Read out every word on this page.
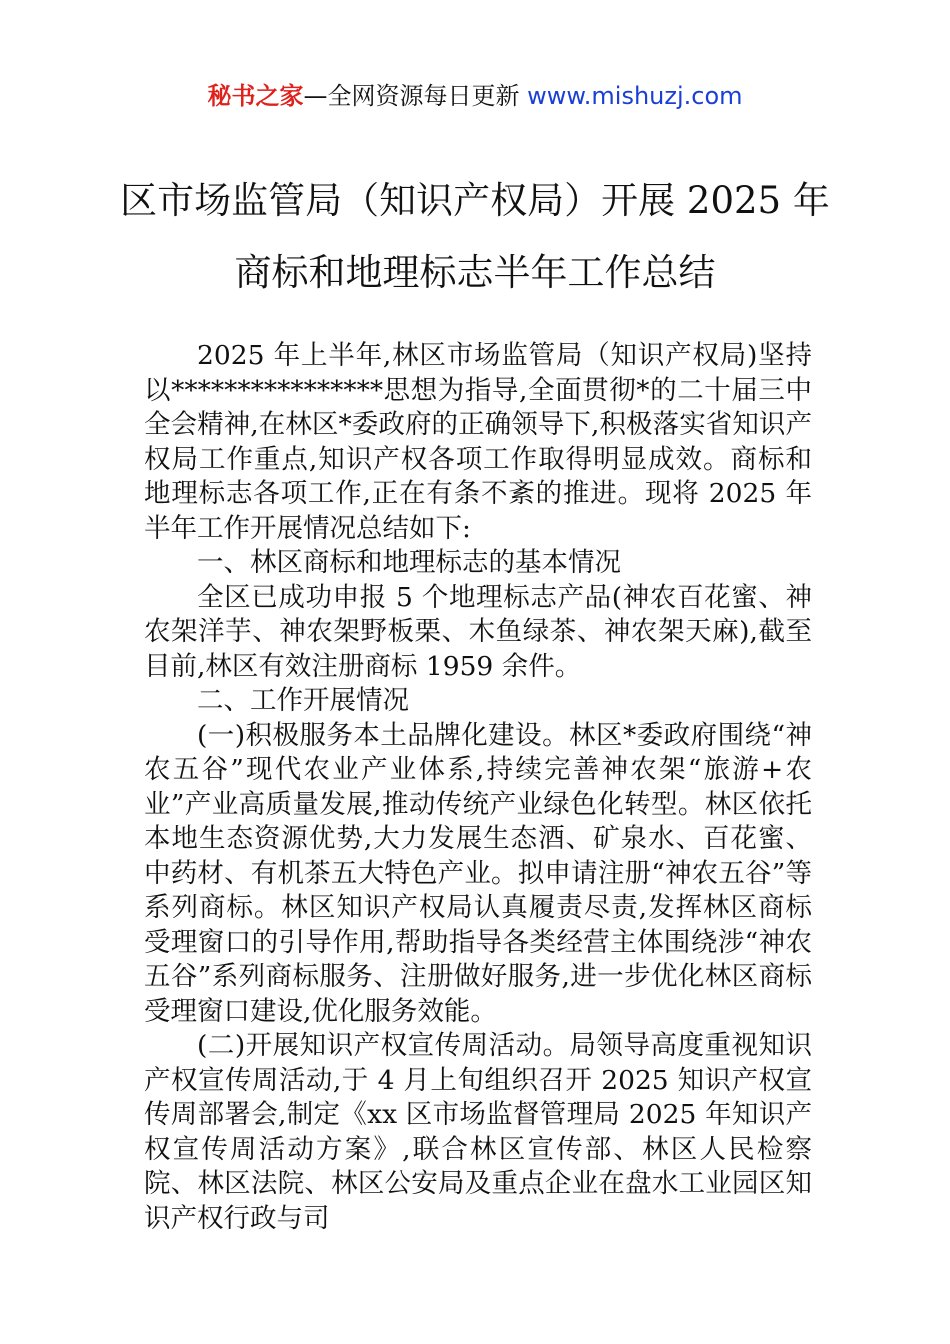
秘书之家—全网资源每日更新 www.mishuzj.com
区市场监管局（知识产权局）开展 2025 年
商标和地理标志半年工作总结

2025 年上半年,林区市场监管局（知识产权局)坚持以****************思想为指导,全面贯彻*的二十届三中全会精神,在林区*委政府的正确领导下,积极落实省知识产权局工作重点,知识产权各项工作取得明显成效。商标和地理标志各项工作,正在有条不紊的推进。现将 2025 年半年工作开展情况总结如下:

一、林区商标和地理标志的基本情况

全区已成功申报 5 个地理标志产品(神农百花蜜、神农架洋芋、神农架野板栗、木鱼绿茶、神农架天麻),截至目前,林区有效注册商标 1959 余件。

二、工作开展情况

(一)积极服务本土品牌化建设。林区*委政府围绕“神农五谷”现代农业产业体系,持续完善神农架“旅游+农业”产业高质量发展,推动传统产业绿色化转型。林区依托本地生态资源优势,大力发展生态酒、矿泉水、百花蜜、中药材、有机茶五大特色产业。拟申请注册“神农五谷”等系列商标。林区知识产权局认真履责尽责,发挥林区商标受理窗口的引导作用,帮助指导各类经营主体围绕涉“神农五谷”系列商标服务、注册做好服务,进一步优化林区商标受理窗口建设,优化服务效能。

(二)开展知识产权宣传周活动。局领导高度重视知识产权宣传周活动,于 4 月上旬组织召开 2025 知识产权宣传周部署会,制定《xx 区市场监督管理局 2025 年知识产权宣传周活动方案》,联合林区宣传部、林区人民检察院、林区法院、林区公安局及重点企业在盘水工业园区知识产权行政与司
